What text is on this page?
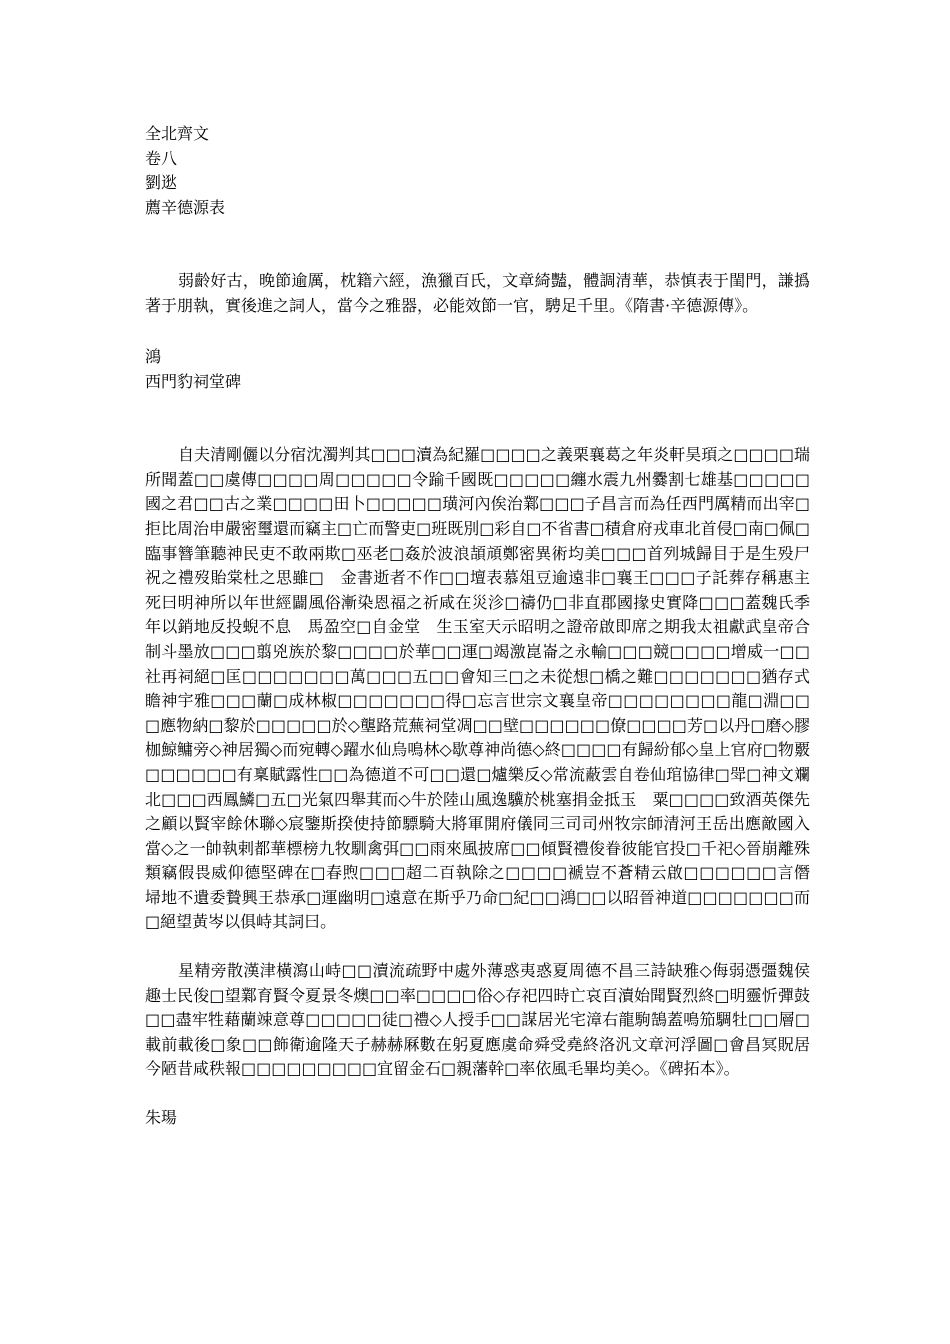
全北齊文

卷八

劉逖

薦辛德源表

弱齡好古，晚節逾厲，枕籍六經，漁獵百氏，文章綺豔，體調清華，恭慎表于閨門，謙撝著于朋執，實後進之詞人，當今之雅器，必能效節一官，騁足千里。《隋書·辛德源傳》。

鴻

西門豹祠堂碑

自夫清剛儷以分宿沈濁判其□□□瀆為紀羅□□□□之義栗襄葛之年炎軒昊頊之□□□□瑞所聞蓋□□虞傳□□□□周□□□□□令踰千國既□□□□□纏水震九州爨割七雄基□□□□□國之君□□古之業□□□□田卜□□□□□璜河內俟治鄴□□□子昌言而為任西門厲精而出宰□拒比周治申嚴密璽還而竊主□亡而警吏□班既別□彩自□不省書□積倉府戎車北首侵□南□佩□臨事簪筆聽神民吏不敢兩欺□巫老□姦於波浪頡頏鄭密異術均美□□□首列城歸目于是生殁尸祝之禮歿貽棠杜之思雖□　金書逝者不作□□壇表慕俎豆逾遠非□襄王□□□子託葬存稱惠主死曰明神所以年世經闢風俗漸染恩福之祈咸在災沴□禱仍□非直郡國掾史實降□□□蓋魏氏季年以銷地反投蜺不息　馬盈空□自金堂　生玉室天示昭明之證帝啟即席之期我太祖獻武皇帝合制斗墨放□□□翦兇族於黎□□□□於華□□運□竭激崑崙之永輸□□□競□□□□增威一□□社再祠絕□匡□□□□□□□萬□□□五□□會知三□之未從想□橋之難□□□□□□□猶存式瞻神宇雅□□□蘭□成林椒□□□□□□□得□忘言世宗文襄皇帝□□□□□□□□龍□淵□□□應物納□黎於□□□□□於◇壟路荒蕪祠堂凋□□壁□□□□□□僚□□□□芳□以丹□磨◇膠枷鯨鳙旁◇神居獨◇而宛轉◇躍水仙烏鳴林◇歇尊神尚德◇終□□□□有歸紛郁◇皇上官府□物覈□□□□□□有稟賦露性□□為德道不可□□還□爐樂反◇常流蔽雲自卷仙琯協律□斝□神文斕北□□□西鳳鱗□五□光氣四舉萁而◇牛於陸山風逸驥於桃塞捐金抵玉　粟□□□□致酒英傑先之顧以賢宰餘休聯◇宸鑒斯揆使持節驃騎大將軍開府儀同三司司州牧宗師清河王岳出應敵國入當◇之一帥執剌都華標榜九牧馴禽弭□□雨來風披席□□傾賢禮俊眷彼能官投□千祀◇晉崩離殊類竊假畏威仰德堅碑在□春煦□□□超二百執除之□□□□褫豈不蒼精云啟□□□□□□言僭　埽地不遺委贄興王恭承□運幽明□遠意在斯乎乃命□紀□□鴻□□以昭晉神道□□□□□□□而□絕望黃岑以俱峙其詞曰。

星精旁散漢津橫瀉山峙□□瀆流疏野中處外薄惑夷惑夏周德不昌三詩缺雅◇侮弱憑彊魏侯趣士民俊□望鄴育賢令夏景冬燠□□率□□□□俗◇存祀四時亡哀百瀆始聞賢烈終□明靈忻彈鼓□□盡牢牲藉蘭竦意尊□□□□□徒□禮◇人授手□□謀居光宅漳右龍駒鵠蓋鳴笳騆牡□□層□載前載後□象□□飾衛逾隆天子赫赫厤數在躬夏應虞命舜受堯終洛汎文章河浮圖□會昌冥貺居今陋昔咸秩報□□□□□□□□□宜留金石□親藩幹□率依風毛畢均美◇。《碑拓本》。

朱瑒
